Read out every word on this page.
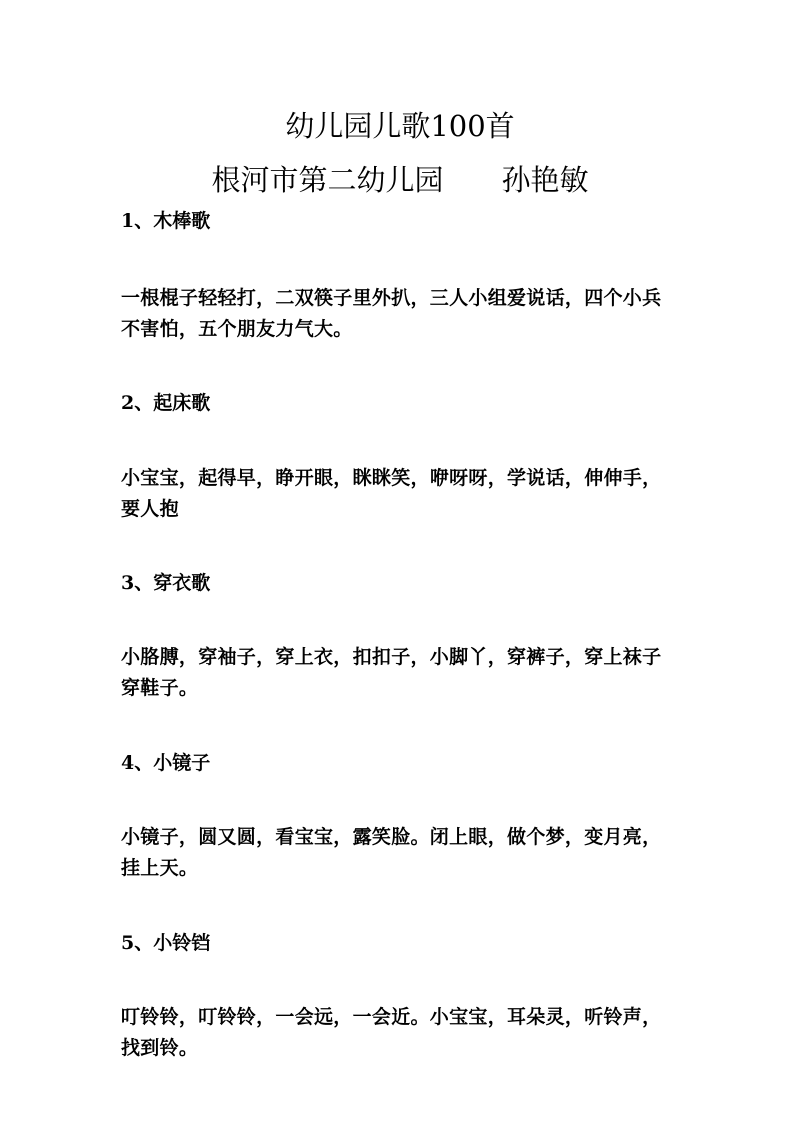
幼儿园儿歌100首
根河市第二幼儿园 孙艳敏
1、木棒歌

一根棍子轻轻打，二双筷子里外扒，三人小组爱说话，四个小兵不害怕，五个朋友力气大。

2、起床歌

小宝宝，起得早，睁开眼，眯眯笑，咿呀呀，学说话，伸伸手，要人抱

3、穿衣歌

小胳膊，穿袖子，穿上衣，扣扣子，小脚丫，穿裤子，穿上袜子穿鞋子。

4、小镜子

小镜子，圆又圆，看宝宝，露笑脸。闭上眼，做个梦，变月亮，挂上天。

5、小铃铛

叮铃铃，叮铃铃，一会远，一会近。小宝宝，耳朵灵，听铃声，找到铃。
